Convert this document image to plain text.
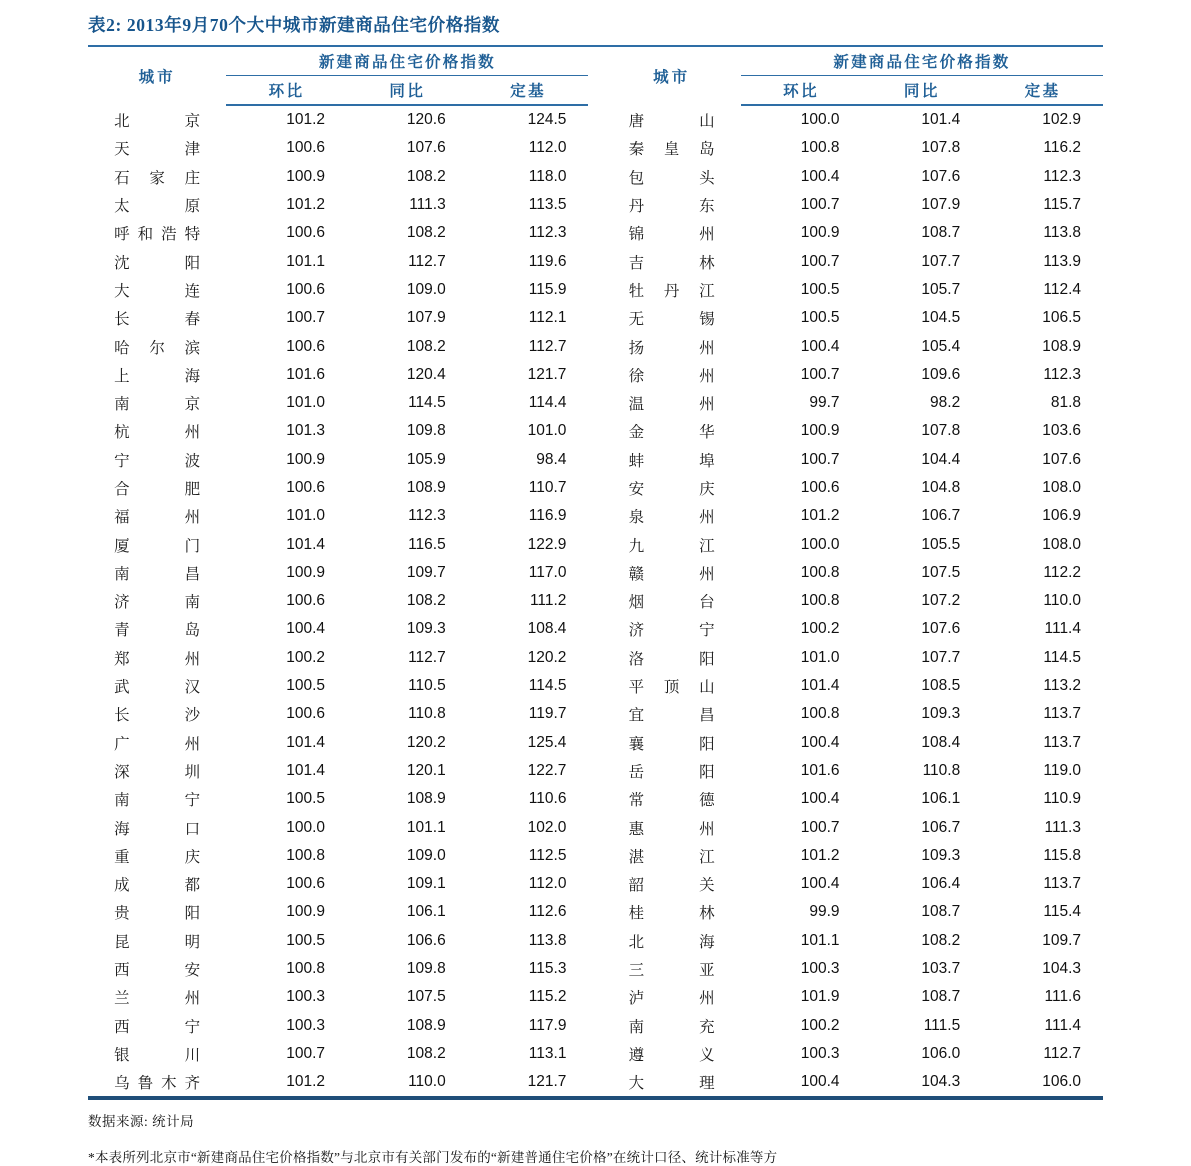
表2: 2013年9月70个大中城市新建商品住宅价格指数
城市	新建商品住宅价格指数				城市	新建商品住宅价格指数		
	环比	同比	定基			环比	同比	定基
北京	101.2	120.6	124.5		唐山	100.0	101.4	102.9
天津	100.6	107.6	112.0		秦皇岛	100.8	107.8	116.2
石家庄	100.9	108.2	118.0		包头	100.4	107.6	112.3
太原	101.2	111.3	113.5		丹东	100.7	107.9	115.7
呼和浩特	100.6	108.2	112.3		锦州	100.9	108.7	113.8
沈阳	101.1	112.7	119.6		吉林	100.7	107.7	113.9
大连	100.6	109.0	115.9		牡丹江	100.5	105.7	112.4
长春	100.7	107.9	112.1		无锡	100.5	104.5	106.5
哈尔滨	100.6	108.2	112.7		扬州	100.4	105.4	108.9
上海	101.6	120.4	121.7		徐州	100.7	109.6	112.3
南京	101.0	114.5	114.4		温州	99.7	98.2	81.8
杭州	101.3	109.8	101.0		金华	100.9	107.8	103.6
宁波	100.9	105.9	98.4		蚌埠	100.7	104.4	107.6
合肥	100.6	108.9	110.7		安庆	100.6	104.8	108.0
福州	101.0	112.3	116.9		泉州	101.2	106.7	106.9
厦门	101.4	116.5	122.9		九江	100.0	105.5	108.0
南昌	100.9	109.7	117.0		赣州	100.8	107.5	112.2
济南	100.6	108.2	111.2		烟台	100.8	107.2	110.0
青岛	100.4	109.3	108.4		济宁	100.2	107.6	111.4
郑州	100.2	112.7	120.2		洛阳	101.0	107.7	114.5
武汉	100.5	110.5	114.5		平顶山	101.4	108.5	113.2
长沙	100.6	110.8	119.7		宜昌	100.8	109.3	113.7
广州	101.4	120.2	125.4		襄阳	100.4	108.4	113.7
深圳	101.4	120.1	122.7		岳阳	101.6	110.8	119.0
南宁	100.5	108.9	110.6		常德	100.4	106.1	110.9
海口	100.0	101.1	102.0		惠州	100.7	106.7	111.3
重庆	100.8	109.0	112.5		湛江	101.2	109.3	115.8
成都	100.6	109.1	112.0		韶关	100.4	106.4	113.7
贵阳	100.9	106.1	112.6		桂林	99.9	108.7	115.4
昆明	100.5	106.6	113.8		北海	101.1	108.2	109.7
西安	100.8	109.8	115.3		三亚	100.3	103.7	104.3
兰州	100.3	107.5	115.2		泸州	101.9	108.7	111.6
西宁	100.3	108.9	117.9		南充	100.2	111.5	111.4
银川	100.7	108.2	113.1		遵义	100.3	106.0	112.7
乌鲁木齐	101.2	110.0	121.7		大理	100.4	104.3	106.0
数据来源: 统计局
*本表所列北京市“新建商品住宅价格指数”与北京市有关部门发布的“新建普通住宅价格”在统计口径、统计标准等方
